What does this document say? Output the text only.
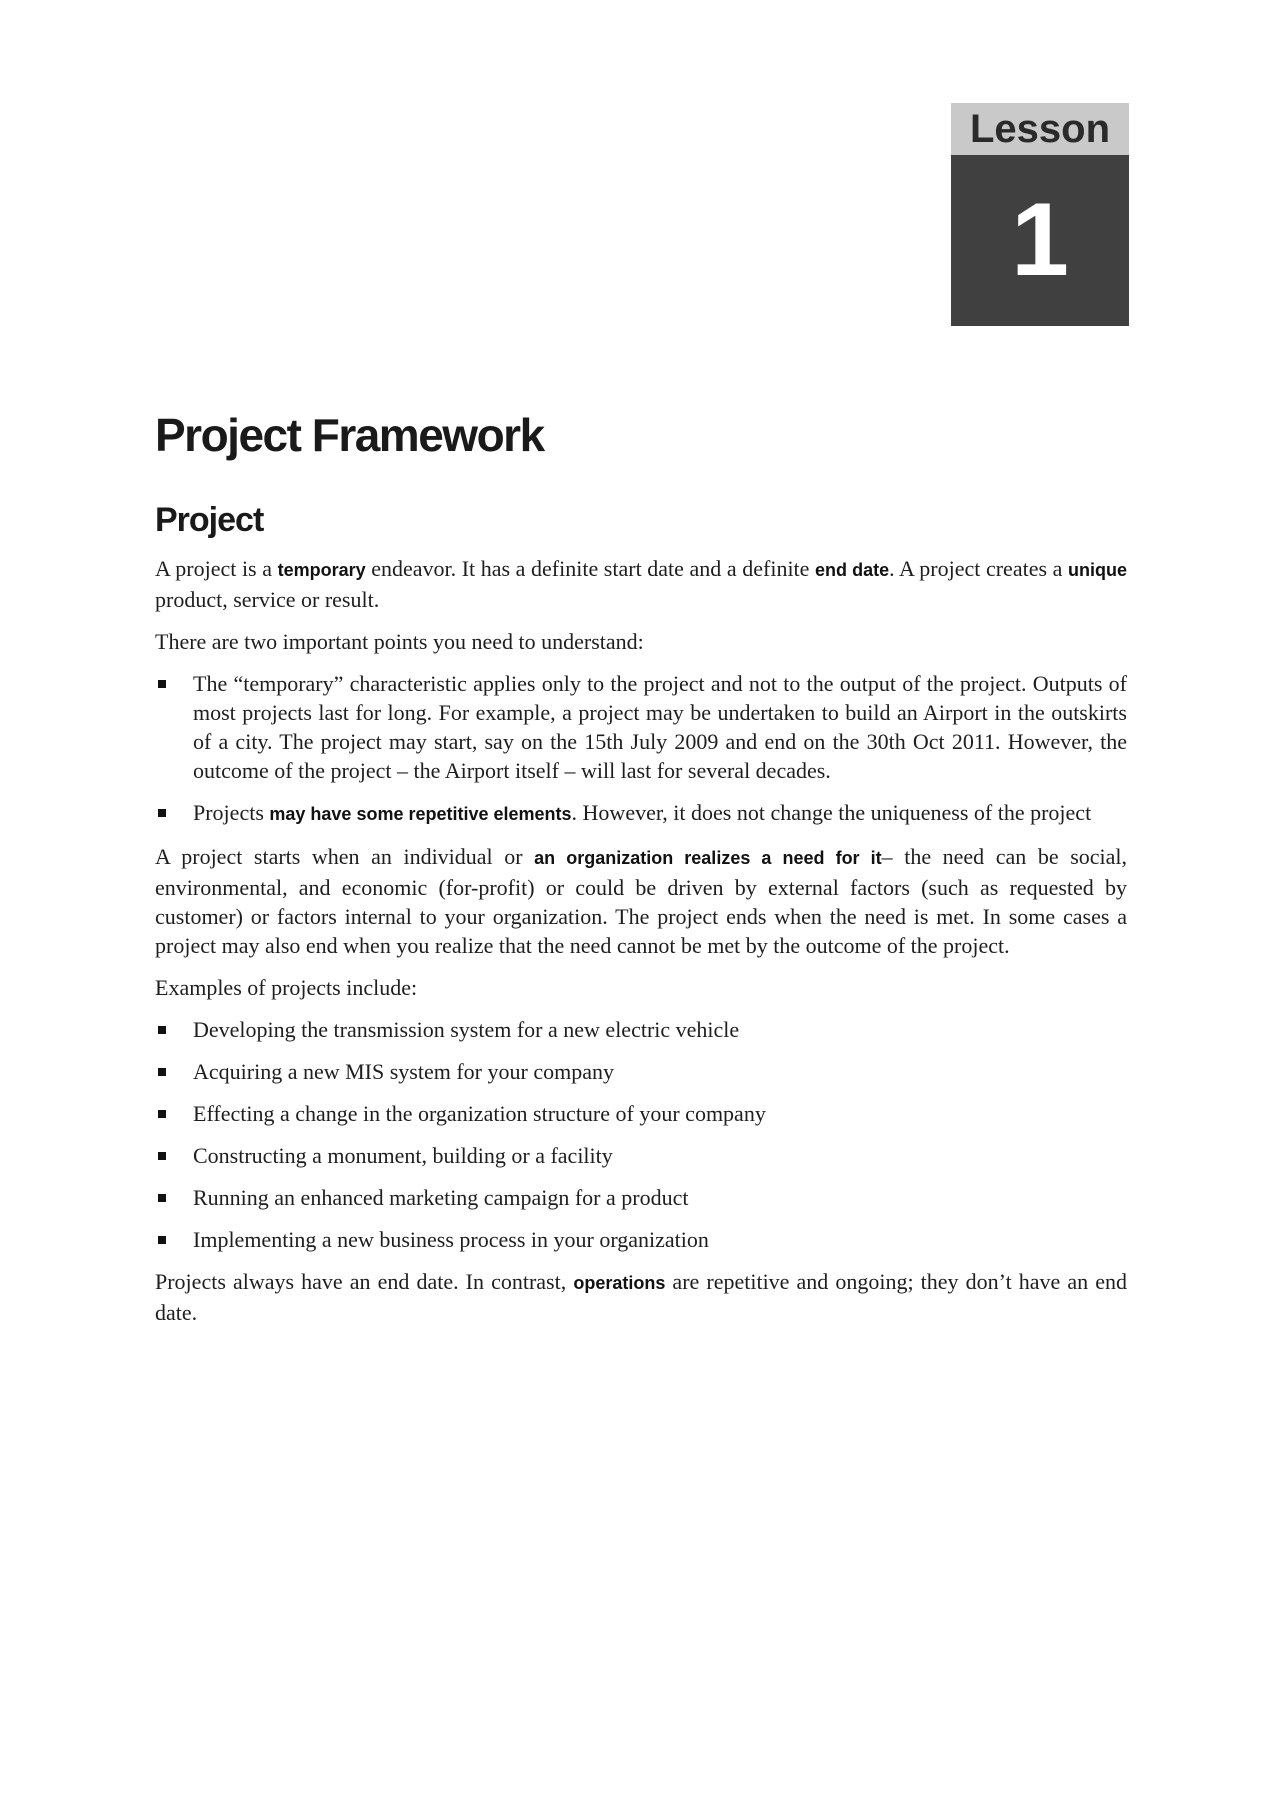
Lesson
1
Project Framework
Project

A project is a temporary endeavor. It has a definite start date and a definite end date. A project creates a unique product, service or result.

There are two important points you need to understand:

The “temporary” characteristic applies only to the project and not to the output of the project. Outputs of most projects last for long. For example, a project may be undertaken to build an Airport in the outskirts of a city. The project may start, say on the 15th July 2009 and end on the 30th Oct 2011. However, the outcome of the project – the Airport itself – will last for several decades.
Projects may have some repetitive elements. However, it does not change the uniqueness of the project

A project starts when an individual or an organization realizes a need for it– the need can be social, environmental, and economic (for-profit) or could be driven by external factors (such as requested by customer) or factors internal to your organization. The project ends when the need is met. In some cases a project may also end when you realize that the need cannot be met by the outcome of the project.

Examples of projects include:

Developing the transmission system for a new electric vehicle
Acquiring a new MIS system for your company
Effecting a change in the organization structure of your company
Constructing a monument, building or a facility
Running an enhanced marketing campaign for a product
Implementing a new business process in your organization

Projects always have an end date. In contrast, operations are repetitive and ongoing; they don’t have an end date.
